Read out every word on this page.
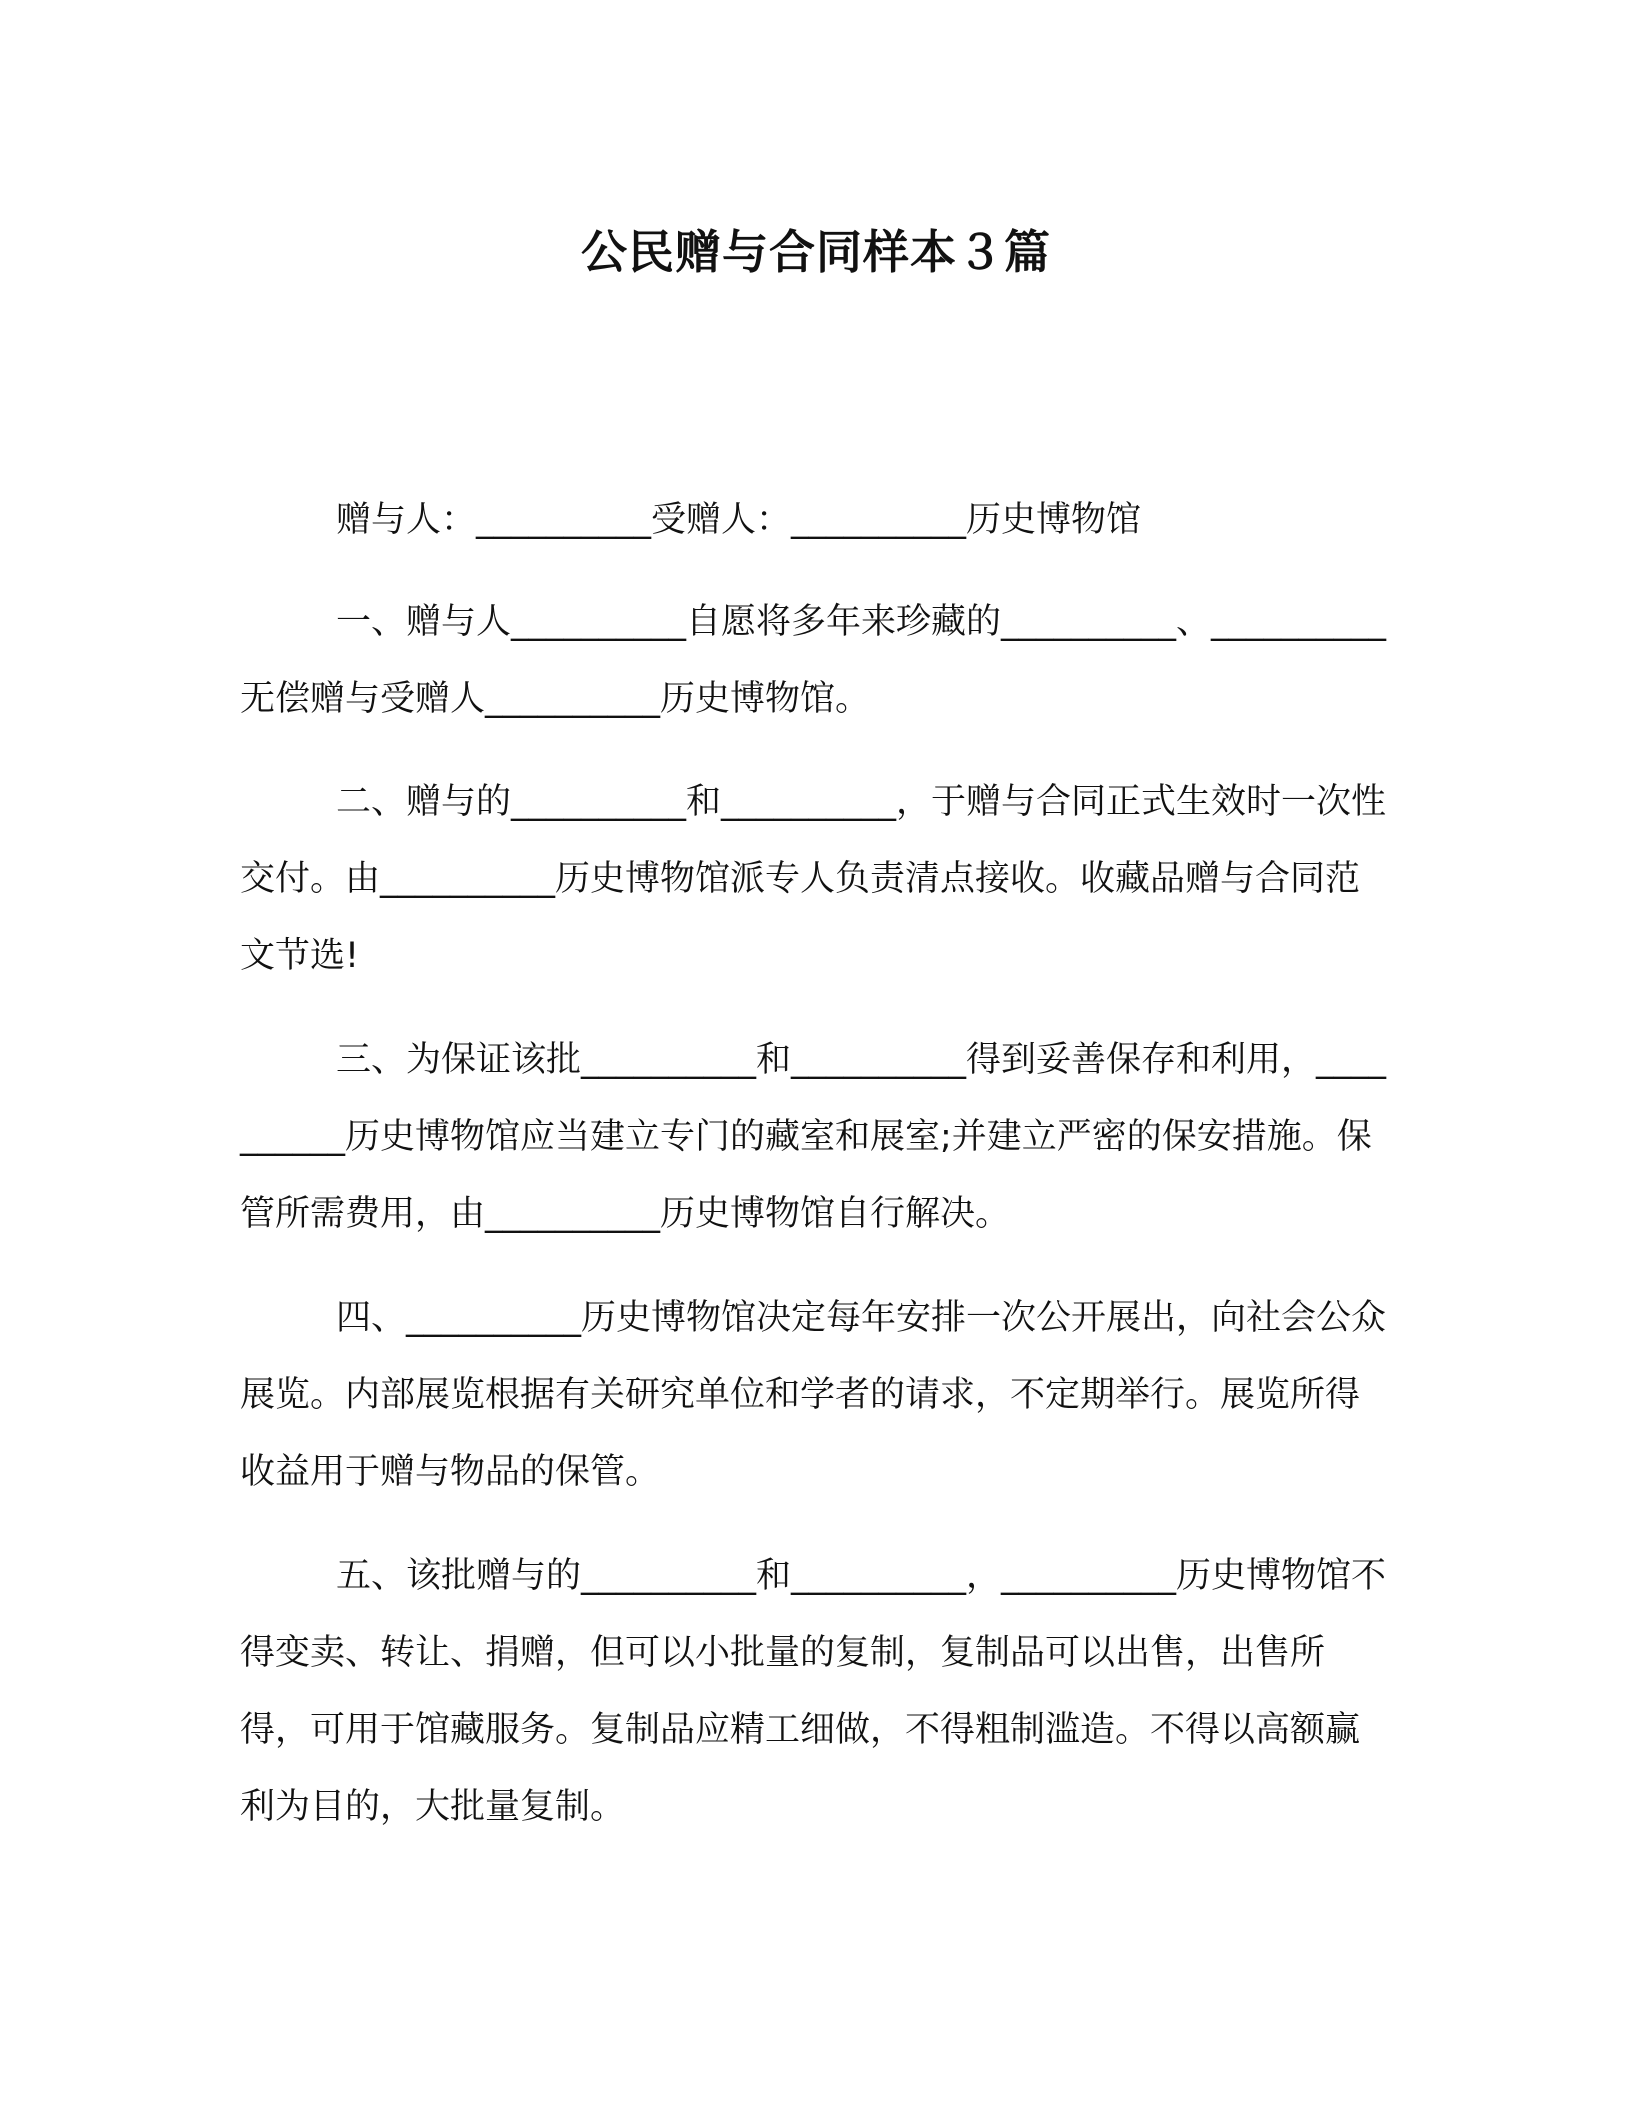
公民赠与合同样本３篇

赠与人：__________受赠人：__________历史博物馆

一、赠与人__________自愿将多年来珍藏的__________、__________无偿赠与受赠人__________历史博物馆。

二、赠与的__________和__________，于赠与合同正式生效时一次性交付。由__________历史博物馆派专人负责清点接收。收藏品赠与合同范文节选!

三、为保证该批__________和__________得到妥善保存和利用，__________历史博物馆应当建立专门的藏室和展室;并建立严密的保安措施。保管所需费用，由__________历史博物馆自行解决。

四、__________历史博物馆决定每年安排一次公开展出，向社会公众展览。内部展览根据有关研究单位和学者的请求，不定期举行。展览所得收益用于赠与物品的保管。

五、该批赠与的__________和__________，__________历史博物馆不得变卖、转让、捐赠，但可以小批量的复制，复制品可以出售，出售所得，可用于馆藏服务。复制品应精工细做，不得粗制滥造。不得以高额赢利为目的，大批量复制。
